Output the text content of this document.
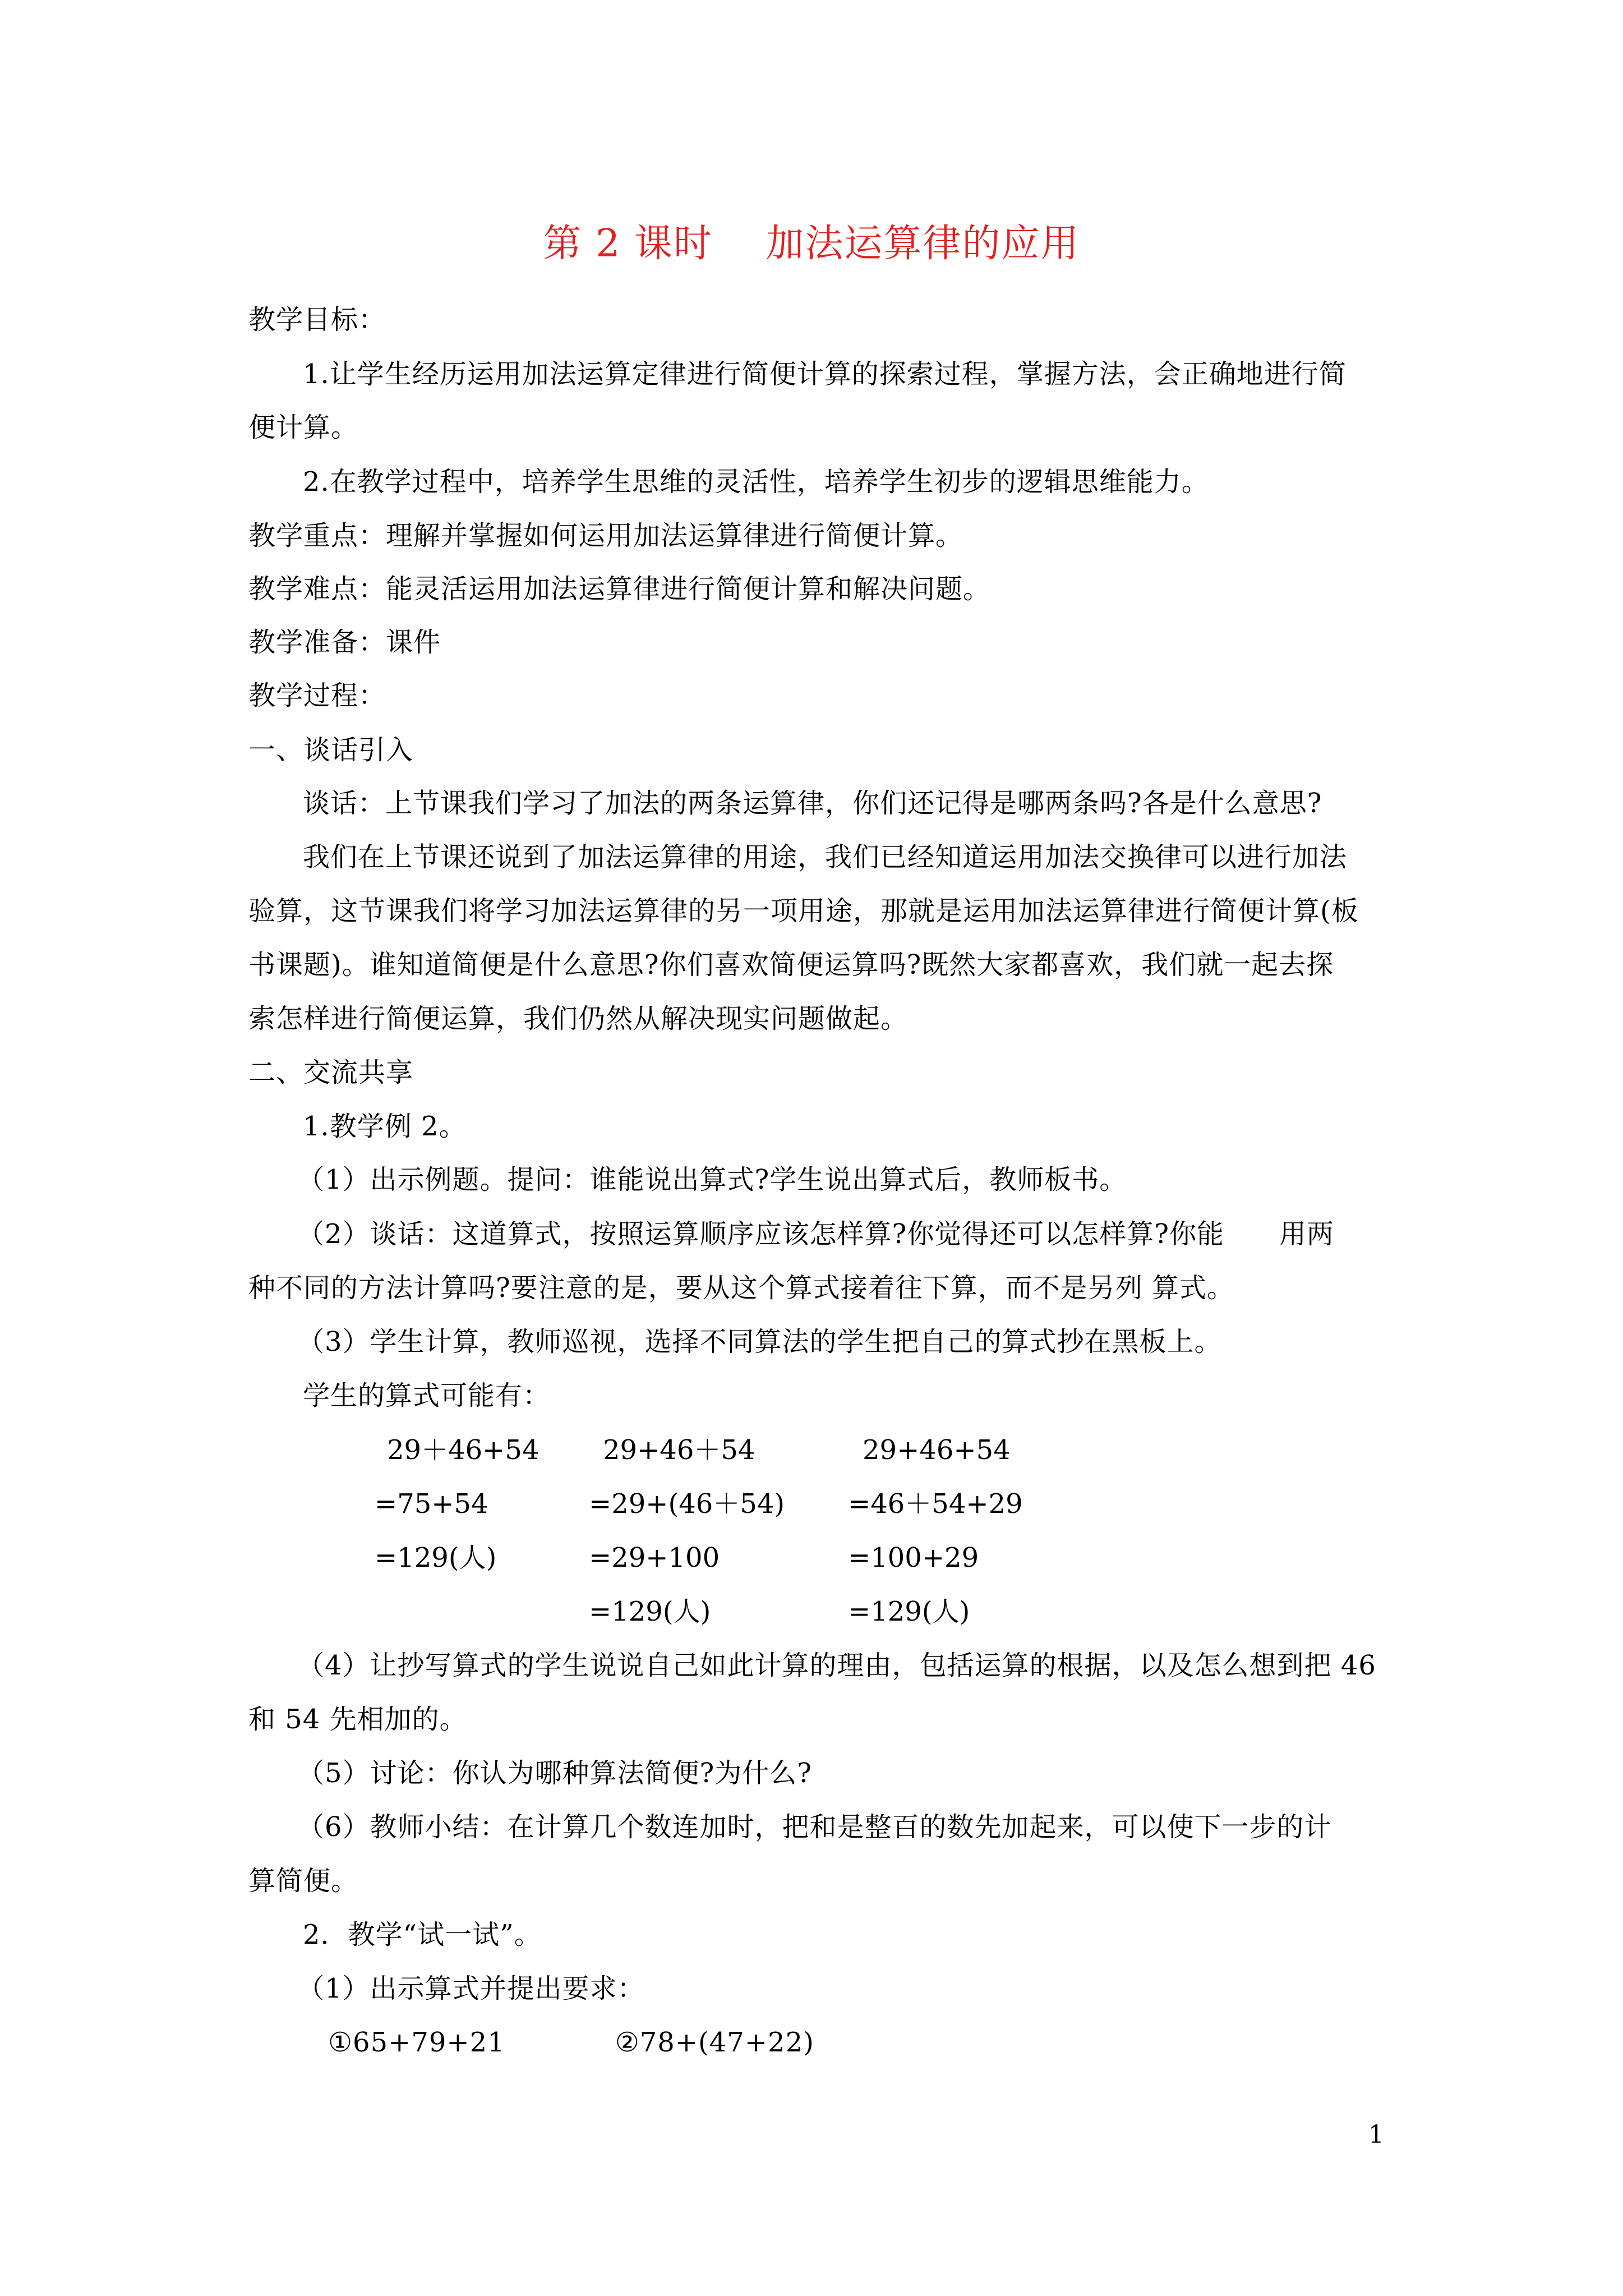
第 2 课时    加法运算律的应用
教学目标：
1.让学生经历运用加法运算定律进行简便计算的探索过程，掌握方法，会正确地进行简
便计算。
2.在教学过程中，培养学生思维的灵活性，培养学生初步的逻辑思维能力。
教学重点：理解并掌握如何运用加法运算律进行简便计算。
教学难点：能灵活运用加法运算律进行简便计算和解决问题。
教学准备：课件
教学过程：
一、谈话引入
谈话：上节课我们学习了加法的两条运算律，你们还记得是哪两条吗?各是什么意思?
我们在上节课还说到了加法运算律的用途，我们已经知道运用加法交换律可以进行加法
验算，这节课我们将学习加法运算律的另一项用途，那就是运用加法运算律进行简便计算(板
书课题)。谁知道简便是什么意思?你们喜欢简便运算吗?既然大家都喜欢，我们就一起去探
索怎样进行简便运算，我们仍然从解决现实问题做起。
二、交流共享
1.教学例 2。
（1）出示例题。提问：谁能说出算式?学生说出算式后，教师板书。
（2）谈话：这道算式，按照运算顺序应该怎样算?你觉得还可以怎样算?你能　　用两
种不同的方法计算吗?要注意的是，要从这个算式接着往下算，而不是另列 算式。
（3）学生计算，教师巡视，选择不同算法的学生把自己的算式抄在黑板上。
学生的算式可能有：
29＋46+54
=75+54
=129(人)
29+46＋54
=29+(46＋54)
=29+100
=129(人)
29+46+54
=46＋54+29
=100+29
=129(人)
（4）让抄写算式的学生说说自己如此计算的理由，包括运算的根据，以及怎么想到把 46
和 54 先相加的。
（5）讨论：你认为哪种算法简便?为什么?
（6）教师小结：在计算几个数连加时，把和是整百的数先加起来，可以使下一步的计
算简便。
2．教学“试一试”。
（1）出示算式并提出要求：
①65+79+21　　　　②78+(47+22)
1
